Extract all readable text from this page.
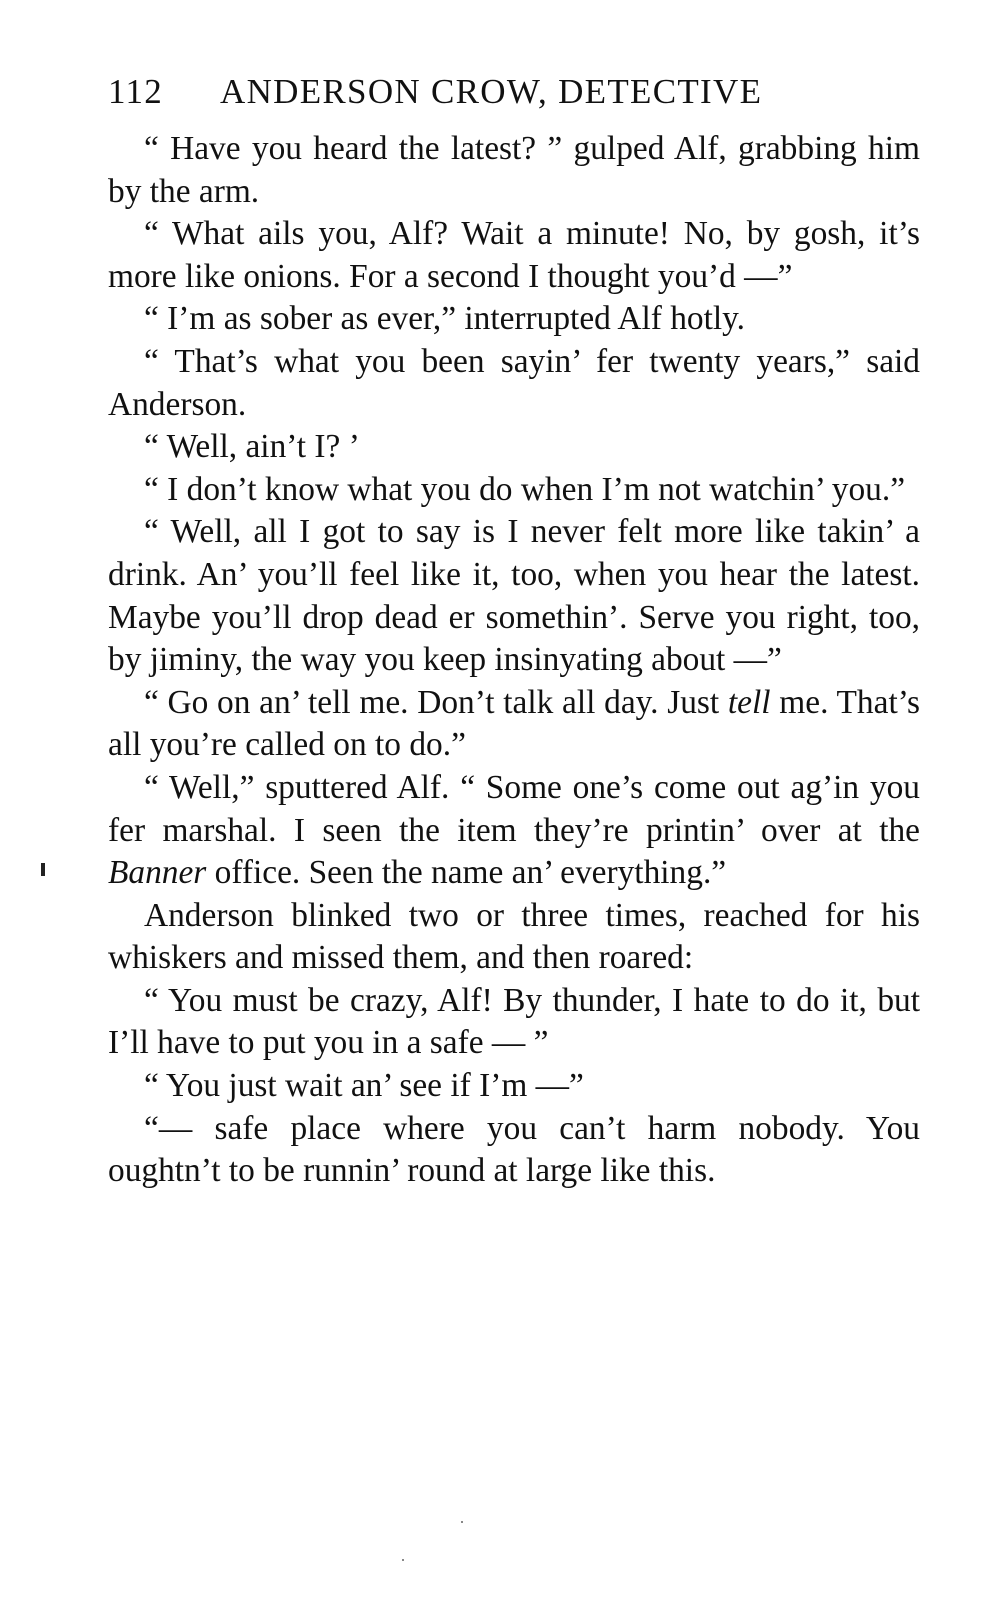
112 ANDERSON CROW, DETECTIVE

“ Have you heard the latest? ” gulped Alf, grabbing him by the arm.

“ What ails you, Alf? Wait a minute! No, by gosh, it’s more like onions. For a second I thought you’d —”

“ I’m as sober as ever,” interrupted Alf hotly.

“ That’s what you been sayin’ fer twenty years,” said Anderson.

“ Well, ain’t I? ’

“ I don’t know what you do when I’m not watchin’ you.”

“ Well, all I got to say is I never felt more like takin’ a drink. An’ you’ll feel like it, too, when you hear the latest. Maybe you’ll drop dead er somethin’. Serve you right, too, by jiminy, the way you keep insinyating about —”

“ Go on an’ tell me. Don’t talk all day. Just tell me. That’s all you’re called on to do.”

“ Well,” sputtered Alf. “ Some one’s come out ag’in you fer marshal. I seen the item they’re printin’ over at the Banner office. Seen the name an’ everything.”

Anderson blinked two or three times, reached for his whiskers and missed them, and then roared:

“ You must be crazy, Alf! By thunder, I hate to do it, but I’ll have to put you in a safe — ”

“ You just wait an’ see if I’m —”

“— safe place where you can’t harm nobody. You oughtn’t to be runnin’ round at large like this.
